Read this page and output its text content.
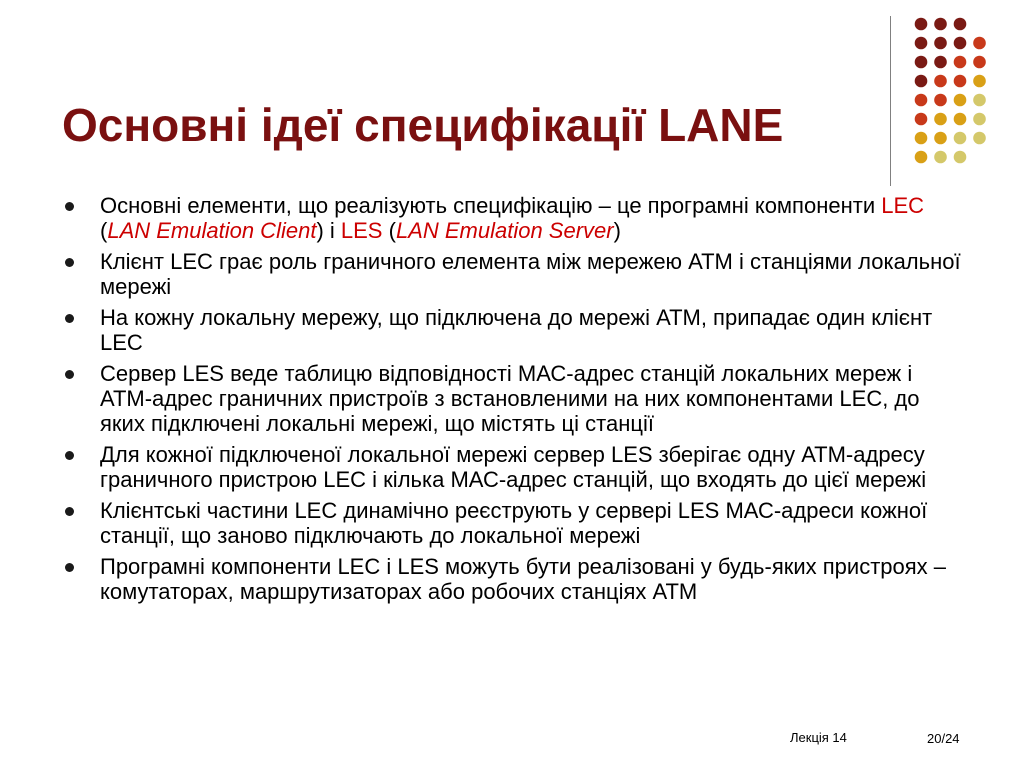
Основні ідеї специфікації LANE
Основні елементи, що реалізують специфікацію – це програмні компоненти LEC (LAN Emulation Client) і LES (LAN Emulation Server)
Клієнт LEC грає роль граничного елемента між мережею АТМ і станціями локальної мережі
На кожну локальну мережу, що підключена до мережі АТМ, припадає один клієнт LEC
Сервер LES веде таблицю відповідності МАС-адрес станцій локальних мереж і АТМ-адрес граничних пристроїв з встановленими на них компонентами LEC, до яких підключені локальні мережі, що містять ці станції
Для кожної підключеної локальної мережі сервер LES зберігає одну АТМ-адресу граничного пристрою LEC і кілька МАС-адрес станцій, що входять до цієї мережі
Клієнтські частини LEC динамічно реєструють у сервері LES МАС-адреси кожної станції, що заново підключають до локальної мережі
Програмні компоненти LEC і LES можуть бути реалізовані у будь-яких пристроях – комутаторах, маршрутизаторах або робочих станціях АТМ
Лекція 14	20/24
